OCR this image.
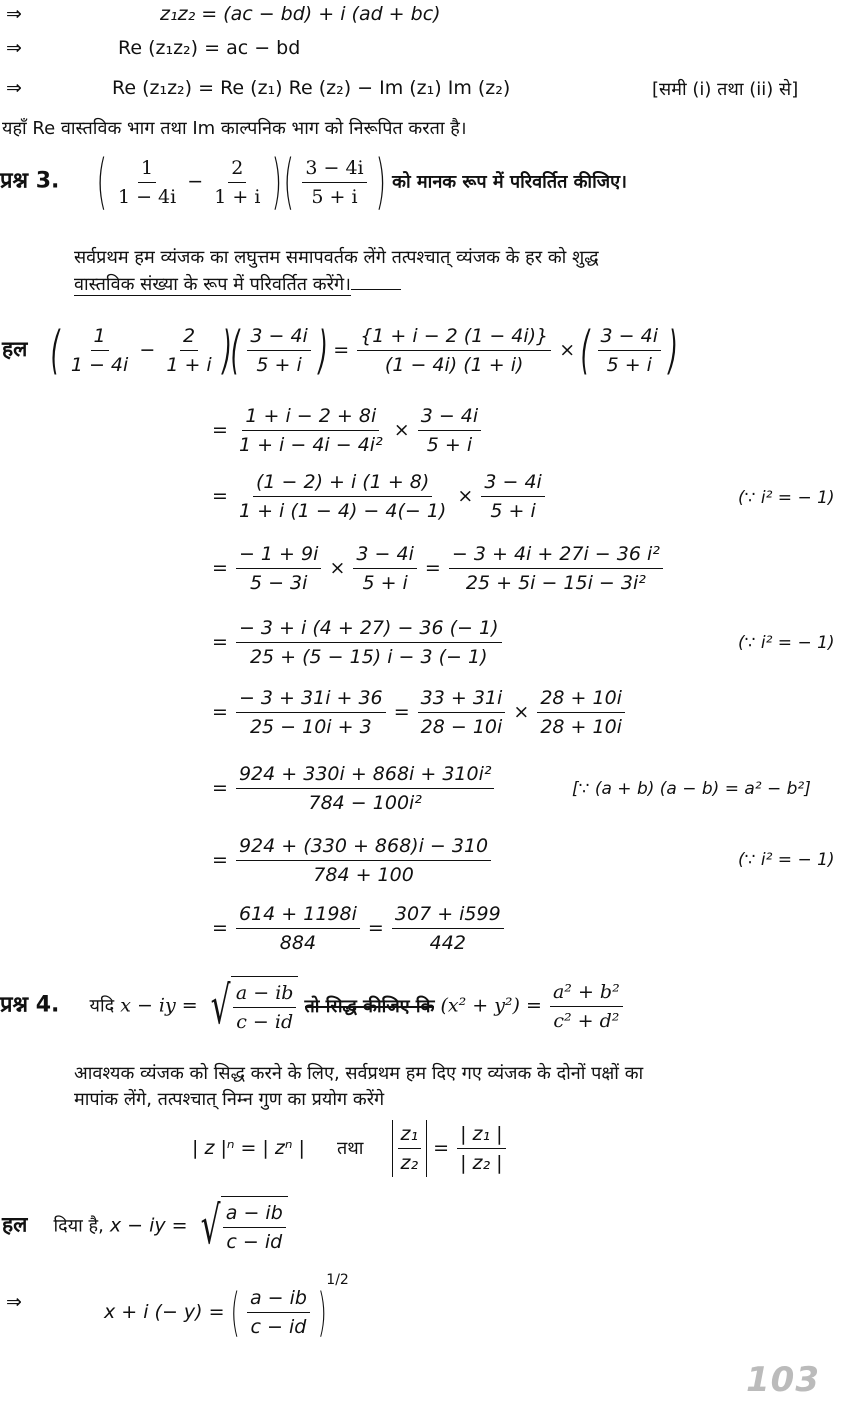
⇒	z₁z₂ = (ac − bd) + i (ad + bc)
⇒	Re (z₁z₂) = ac − bd
⇒	Re (z₁z₂) = Re (z₁) Re (z₂) − Im (z₁) Im (z₂)	[समी (i) तथा (ii) से]
यहाँ Re वास्तविक भाग तथा Im काल्पनिक भाग को निरूपित करता है।
प्रश्न 3. ( $\frac{1}{1 - 4i} - \frac{2}{1 + i}$ )( $\frac{3 - 4i}{5 + i}$ ) को मानक रूप में परिवर्तित कीजिए।
सर्वप्रथम हम व्यंजक का लघुत्तम समापवर्तक लेंगे तत्पश्चात् व्यंजक के हर को शुद्ध
वास्तविक संख्या के रूप में परिवर्तित करेंगे।
हल ( $\frac{1}{1 - 4i} - \frac{2}{1 + i}$ )( $\frac{3 - 4i}{5 + i}$ ) = $\frac{\{1 + i - 2 (1 - 4i)\}}{(1 - 4i) (1 + i)}$ × ( $\frac{3 - 4i}{5 + i}$ )
= $\frac{1 + i - 2 + 8i}{\text{1 + i − 4i − 4i²}} \times \frac{3 - 4i}{5 + i}$
= $\frac{(1 - 2) + i (1 + 8)}{1 + i (1 - 4) - 4(- 1)} \times \frac{3 - 4i}{5 + i}$	(∵ i² = − 1)
= $\frac{- 1 + 9i}{5 - 3i} \times \frac{3 - 4i}{5 + i} = \frac{\text{− 3 + 4i + 27i − 36 i²}}{\text{25 + 5i − 15i − 3i²}}$
= $\frac{- 3 + i (4 + 27) - 36 (- 1)}{25 + (5 - 15) i - 3 (- 1)}$	(∵ i² = − 1)
= $\frac{- 3 + 31i + 36}{25 - 10i + 3} = \frac{33 + 31i}{28 - 10i} \times \frac{28 + 10i}{28 + 10i}$
= $\frac{\text{924 + 330i + 868i + 310i²}}{\text{784 − 100i²}}$	[∵ (a + b) (a − b) = a² − b²]
= $\frac{924 + (330 + 868)i - 310}{784 + 100}$	(∵ i² = − 1)
= $\frac{614 + 1198i}{884} = \frac{307 + i599}{442}$
प्रश्न 4. यदि x − iy = √ $\frac{a - ib}{c - id}$ तो सिद्ध कीजिए कि $(x^2 + y^2) = \frac{\text{a² + b²}}{\text{c² + d²}}$
आवश्यक व्यंजक को सिद्ध करने के लिए, सर्वप्रथम हम दिए गए व्यंजक के दोनों पक्षों का
मापांक लेंगे, तत्पश्चात् निम्न गुण का प्रयोग करेंगे
| z |ⁿ = | zⁿ | तथा $\frac{\text{z₁}}{\text{z₂}} = \frac{\text{| z₁ |}}{\text{| z₂ |}}$
हल दिया है, x − iy = √ $\frac{a - ib}{c - id}$
⇒	x + i (− y) = ( $\frac{a - ib}{c - id} )^{1/2}$
103
